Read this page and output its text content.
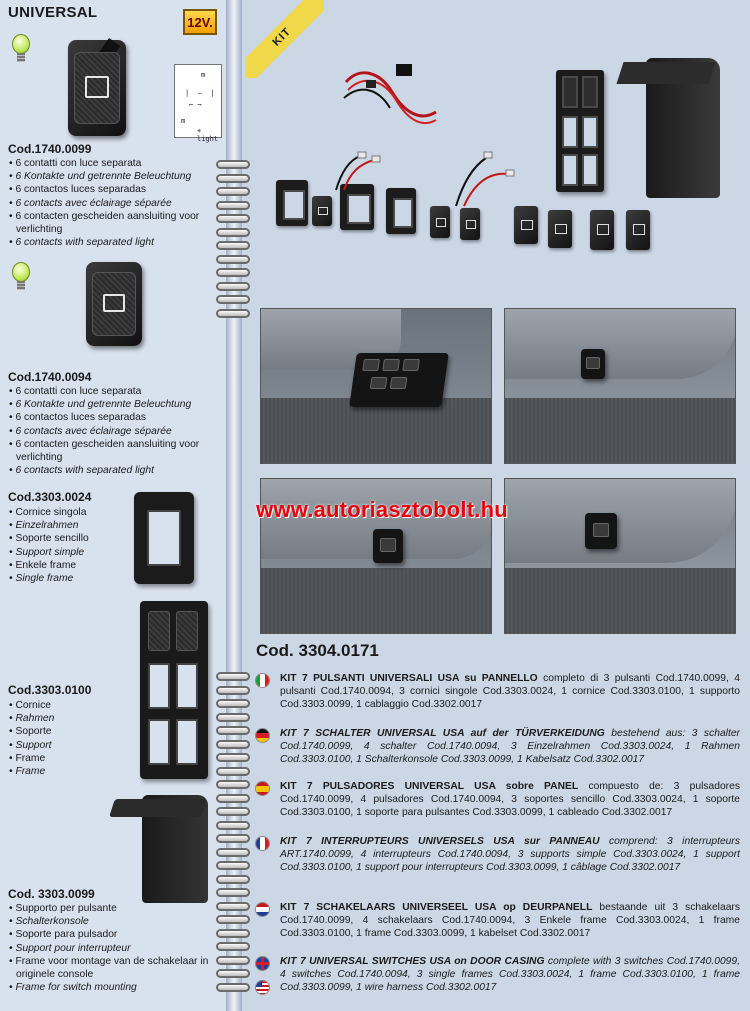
UNIVERSAL
12V.
m
m
+ light
|  –  |
⌐ ¬
Cod.1740.0099
• 6 contatti con luce separata
• 6 Kontakte und getrennte Beleuchtung
• 6 contactos luces separadas
• 6 contacts avec éclairage séparée
• 6 contacten gescheiden aansluiting voor verlichting
• 6 contacts with separated light
Cod.1740.0094
• 6 contatti con luce separata
• 6 Kontakte und getrennte Beleuchtung
• 6 contactos luces separadas
• 6 contacts avec éclairage séparée
• 6 contacten gescheiden aansluiting voor verlichting
• 6 contacts with separated light
Cod.3303.0024
• Cornice singola
• Einzelrahmen
• Soporte sencillo
• Support simple
• Enkele frame
• Single frame
Cod.3303.0100
• Cornice
• Rahmen
• Soporte
• Support
• Frame
• Frame
Cod. 3303.0099
• Supporto per pulsante
• Schalterkonsole
• Soporte para pulsador
• Support pour interrupteur
• Frame voor montage van de schakelaar in originele console
• Frame for switch mounting
KIT
www.autoriasztobolt.hu
Cod. 3304.0171
KIT 7 PULSANTI UNIVERSALI USA su PANNELLO completo di 3 pulsanti Cod.1740.0099, 4 pulsanti Cod.1740.0094, 3 cornici singole Cod.3303.0024, 1 cornice Cod.3303.0100, 1 supporto Cod.3303.0099, 1 cablaggio Cod.3302.0017
KIT 7 SCHALTER UNIVERSAL USA auf der TÜRVERKEIDUNG bestehend aus: 3 schalter Cod.1740.0099, 4 schalter Cod.1740.0094, 3 Einzelrahmen Cod.3303.0024, 1 Rahmen Cod.3303.0100, 1 Schalterkonsole Cod.3303.0099, 1 Kabelsatz Cod.3302.0017
KIT 7 PULSADORES UNIVERSAL USA sobre PANEL compuesto de: 3 pulsadores Cod.1740.0099, 4 pulsadores Cod.1740.0094, 3 soportes sencillo Cod.3303.0024, 1 soporte Cod.3303.0100, 1 soporte para pulsantes Cod.3303.0099, 1 cableado Cod.3302.0017
KIT 7 INTERRUPTEURS UNIVERSELS USA sur PANNEAU comprend: 3 interrupteurs ART.1740.0099, 4 interrupteurs Cod.1740.0094, 3 supports simple Cod.3303.0024, 1 support Cod.3303.0100, 1 support pour interrupteurs Cod.3303.0099, 1 câblage Cod.3302.0017
KIT 7 SCHAKELAARS UNIVERSEEL USA op DEURPANELL bestaande uit 3 schakelaars Cod.1740.0099, 4 schakelaars Cod.1740.0094, 3 Enkele frame Cod.3303.0024, 1 frame Cod.3303.0100, 1 frame Cod.3303.0099, 1 kabelset Cod.3302.0017
KIT 7 UNIVERSAL SWITCHES USA on DOOR CASING complete with 3 switches Cod.1740.0099, 4 switches Cod.1740.0094, 3 single frames Cod.3303.0024, 1 frame Cod.3303.0100, 1 frame Cod.3303.0099, 1 wire harness Cod.3302.0017
